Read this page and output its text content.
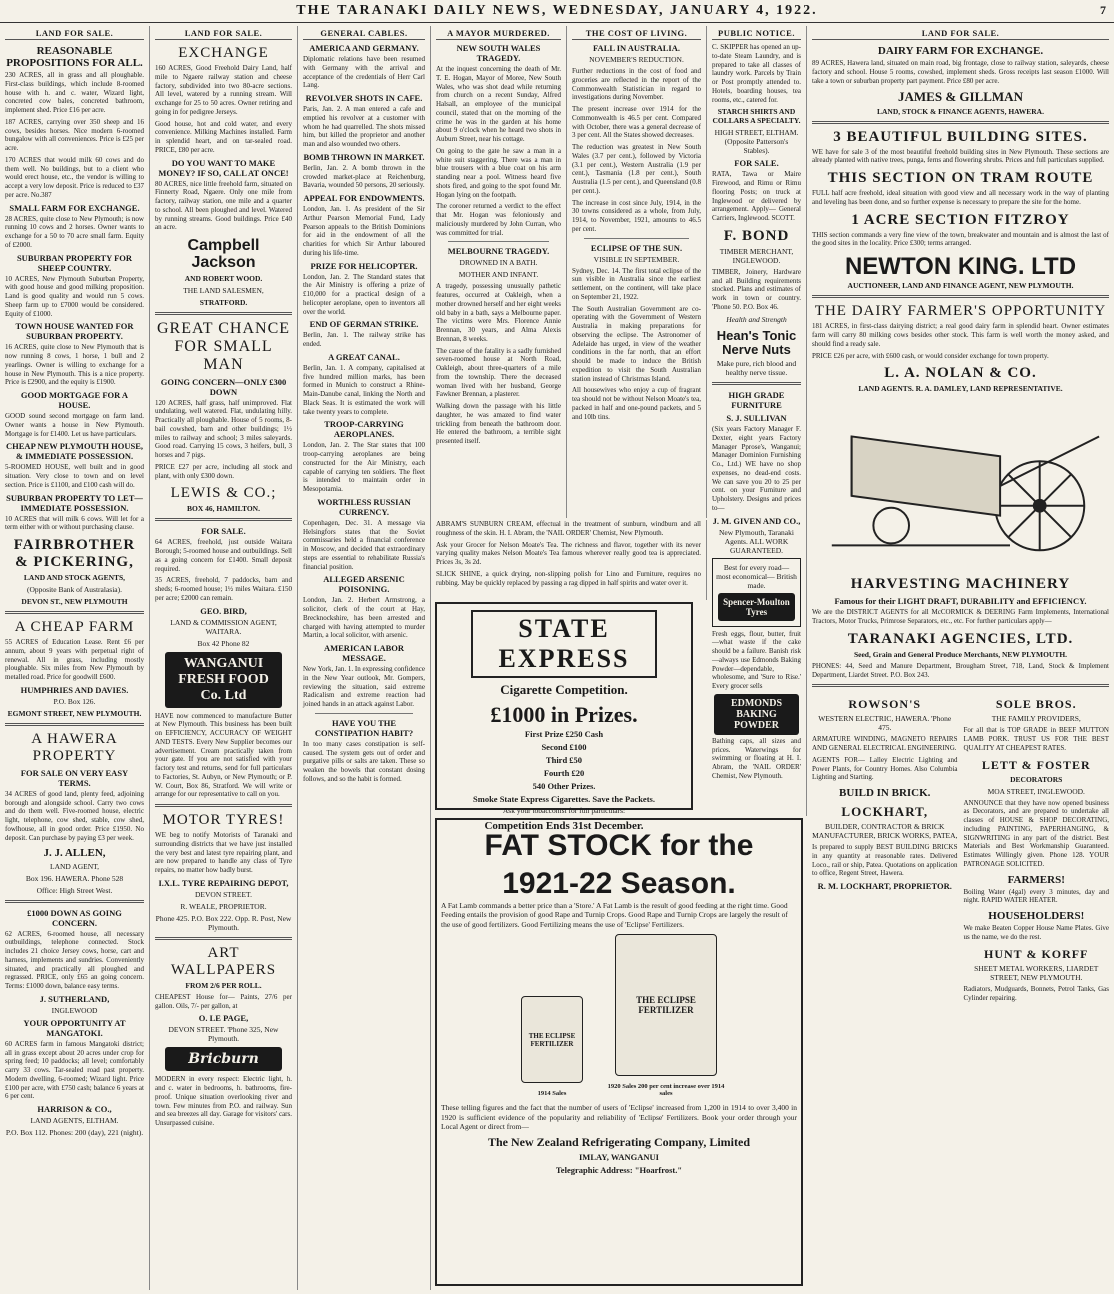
THE TARANAKI DAILY NEWS, WEDNESDAY, JANUARY 4, 1922.	7
LAND FOR SALE.
REASONABLE PROPOSITIONS FOR ALL.

230 ACRES, all in grass and all ploughable. First-class buildings, which include 8-roomed house with h. and c. water, Wizard light, concreted cow bales, concreted bathroom, implement shed. Price £16 per acre.

187 ACRES, carrying over 350 sheep and 16 cows, besides horses. Nice modern 6-roomed bungalow with all conveniences. Price is £25 per acre.

170 ACRES that would milk 60 cows and do them well. No buildings, but to a client who would erect house, etc., the vendor is willing to accept a very low deposit. Price is reduced to £37 per acre. No.387

SMALL FARM FOR EXCHANGE.

28 ACRES, quite close to New Plymouth; is now running 10 cows and 2 horses. Owner wants to exchange for a 50 to 70 acre small farm. Equity of £2000.

SUBURBAN PROPERTY FOR SHEEP COUNTRY.

10 ACRES, New Plymouth Suburban Property, with good house and good milking proposition. Land is good quality and would run 5 cows. Sheep farm up to £7000 would be considered. Equity of £1000.

TOWN HOUSE WANTED FOR SUBURBAN PROPERTY.

16 ACRES, quite close to New Plymouth that is now running 8 cows, 1 horse, 1 bull and 2 yearlings. Owner is willing to exchange for a house in New Plymouth. This is a nice property. Price is £2900, and the equity is £1900.

GOOD MORTGAGE FOR A HOUSE.

GOOD sound second mortgage on farm land. Owner wants a house in New Plymouth. Mortgage is for £1400. Let us have particulars.

CHEAP NEW PLYMOUTH HOUSE, & IMMEDIATE POSSESSION.

5-ROOMED HOUSE, well built and in good situation. Very close to town and on level section. Price is £1100, and £100 cash will do.

SUBURBAN PROPERTY TO LET—IMMEDIATE POSSESSION.

10 ACRES that will milk 6 cows. Will let for a term either with or without purchasing clause.

FAIRBROTHER & PICKERING,
LAND AND STOCK AGENTS,
(Opposite Bank of Australasia).
DEVON ST., NEW PLYMOUTH
A CHEAP FARM

55 ACRES of Education Lease. Rent £6 per annum, about 9 years with perpetual right of renewal. All in grass, including mostly ploughable. Six miles from New Plymouth by metalled road. Price for goodwill £600.

HUMPHRIES AND DAVIES.
P.O. Box 126.
EGMONT STREET, NEW PLYMOUTH.
A HAWERA PROPERTY
FOR SALE ON VERY EASY TERMS.

34 ACRES of good land, plenty feed, adjoining borough and alongside school. Carry two cows and do them well. Five-roomed house, electric light, telephone, cow shed, stable, cow shed, fowlhouse, all in good order. Price £1950. No deposit. Can purchase by paying £3 per week.

J. J. ALLEN,
LAND AGENT,
Box 196. HAWERA. Phone 528
Office: High Street West.
£1000 DOWN AS GOING CONCERN.

62 ACRES, 6-roomed house, all necessary outbuildings, telephone connected. Stock includes 21 choice Jersey cows, horse, cart and harness, implements and sundries. Conveniently situated, and practically all ploughed and regrassed. PRICE, only £65 an going concern. Terms: £1000 down, balance easy terms.

J. SUTHERLAND,
INGLEWOOD
YOUR OPPORTUNITY AT MANGATOKI.

60 ACRES farm in famous Mangatoki district; all in grass except about 20 acres under crop for spring feed; 10 paddocks; all level; comfortably carry 33 cows. Tar-sealed road past property. Modern dwelling, 6-roomed; Wizard light. Price £100 per acre, with £750 cash; balance 6 years at 6 per cent.

HARRISON & CO.,
LAND AGENTS, ELTHAM.
P.O. Box 112. Phones: 200 (day), 221 (night).
LAND FOR SALE.
EXCHANGE

160 ACRES, Good Freehold Dairy Land, half mile to Ngaere railway station and cheese factory, subdivided into two 80-acre sections. All level, watered by a running stream. Will exchange for 25 to 50 acres. Owner retiring and going in for pedigree Jerseys.

Good house, hot and cold water, and every convenience. Milking Machines installed. Farm in splendid heart, and on tar-sealed road. PRICE, £80 per acre.

DO YOU WANT TO MAKE MONEY? IF SO, CALL AT ONCE!

80 ACRES, nice little freehold farm, situated on Finnerty Road, Ngaere. Only one mile from factory, railway station, one mile and a quarter to school. All been ploughed and level. Watered by running streams. Good buildings. Price £40 an acre.

Campbell Jackson
AND ROBERT WOOD.
THE LAND SALESMEN,
STRATFORD.
GREAT CHANCE FOR SMALL MAN
GOING CONCERN—ONLY £300 DOWN

120 ACRES, half grass, half unimproved. Flat undulating, well watered. Flat, undulating hilly. Practically all ploughable. House of 5 rooms, 8-bail cowshed, barn and other buildings; 1½ miles to railway and school; 3 miles saleyards. Good road. Carrying 15 cows, 3 heifers, bull, 3 horses and 7 pigs.

PRICE £27 per acre, including all stock and plant, with only £300 down.

LEWIS & CO.;
BOX 46, HAMILTON.
FOR SALE.

64 ACRES, freehold, just outside Waitara Borough; 5-roomed house and outbuildings. Sell as a going concern for £1400. Small deposit required.

35 ACRES, freehold, 7 paddocks, barn and sheds; 6-roomed house; 1½ miles Waitara. £150 per acre; £2000 can remain.

GEO. BIRD,
LAND & COMMISSION AGENT, WAITARA.
Box 42 Phone 82
WANGANUI FRESH FOOD Co. Ltd

HAVE now commenced to manufacture Butter at New Plymouth. This business has been built on EFFICIENCY, ACCURACY OF WEIGHT AND TESTS. Every New Supplier becomes our advertisement. Cream practically taken from your gate. If you are not satisfied with your factory test and returns, send for full particulars to Factories, St. Aubyn, or New Plymouth; or P. W. Court, Box 86, Stratford. We will write or arrange for our representative to call on you.

MOTOR TYRES!

WE beg to notify Motorists of Taranaki and surrounding districts that we have just installed the very best and latest tyre repairing plant, and are now prepared to handle any class of Tyre repairs, no matter how badly burst.

I.X.L. TYRE REPAIRING DEPOT,
DEVON STREET.
R. WEALE, PROPRIETOR.
Phone 425. P.O. Box 222. Opp. R. Post, New Plymouth.
ART WALLPAPERS
FROM 2/6 PER ROLL.

CHEAPEST House for— Paints, 27/6 per gallon. Oils, 7/- per gallon, at

O. LE PAGE,
DEVON STREET. 'Phone 325, New Plymouth.
Bricburn

MODERN in every respect: Electric light, h. and c. water in bedrooms, h. bathrooms, fire-proof. Unique situation overlooking river and town. Few minutes from P.O. and railway. Sun and sea breezes all day. Garage for visitors' cars. Unsurpassed cuisine.

GENERAL CABLES.
AMERICA AND GERMANY.

Diplomatic relations have been resumed with Germany with the arrival and acceptance of the credentials of Herr Carl Lang.

REVOLVER SHOTS IN CAFE.

Paris, Jan. 2. A man entered a cafe and emptied his revolver at a customer with whom he had quarrelled. The shots missed him, but killed the proprietor and another man and also wounded two others.

BOMB THROWN IN MARKET.

Berlin, Jan. 2. A bomb thrown in the crowded market-place at Reichenburg, Bavaria, wounded 50 persons, 20 seriously.

APPEAL FOR ENDOWMENTS.

London, Jan. 1. As president of the Sir Arthur Pearson Memorial Fund, Lady Pearson appeals to the British Dominions for aid in the endowment of all the charities for which Sir Arthur laboured during his life-time.

PRIZE FOR HELICOPTER.

London, Jan. 2. The Standard states that the Air Ministry is offering a prize of £10,000 for a practical design of a helicopter aeroplane, open to inventors all over the world.

END OF GERMAN STRIKE.

Berlin, Jan. 1. The railway strike has ended.

A GREAT CANAL.

Berlin, Jan. 1. A company, capitalised at five hundred million marks, has been formed in Munich to construct a Rhine-Main-Danube canal, linking the North and Black Seas. It is estimated the work will take twenty years to complete.

TROOP-CARRYING AEROPLANES.

London, Jan. 2. The Star states that 100 troop-carrying aeroplanes are being constructed for the Air Ministry, each capable of carrying ten soldiers. The fleet is intended to maintain order in Mesopotamia.

WORTHLESS RUSSIAN CURRENCY.

Copenhagen, Dec. 31. A message via Helsingfors states that the Soviet commissaries held a financial conference in Moscow, and decided that extraordinary steps are essential to rehabilitate Russia's financial position.

ALLEGED ARSENIC POISONING.

London, Jan. 2. Herbert Armstrong, a solicitor, clerk of the court at Hay, Brecknockshire, has been arrested and charged with having attempted to murder Martin, a local solicitor, with arsenic.

AMERICAN LABOR MESSAGE.

New York, Jan. 1. In expressing confidence in the New Year outlook, Mr. Gompers, reviewing the situation, said extreme Radicalism and extreme reaction had joined hands in an attack against Labor.

HAVE YOU THE CONSTIPATION HABIT?

In too many cases constipation is self-caused. The system gets out of order and purgative pills or salts are taken. These so weaken the bowels that constant dosing follows, and so the habit is formed.

A MAYOR MURDERED.
NEW SOUTH WALES TRAGEDY.

At the inquest concerning the death of Mr. T. E. Hogan, Mayor of Moree, New South Wales, who was shot dead while returning from church on a recent Sunday, Alfred Halsall, an employee of the municipal council, stated that on the morning of the crime he was in the garden at his home about 9 o'clock when he heard two shots in Auburn Street, near his cottage.

On going to the gate he saw a man in a white suit staggering. There was a man in blue trousers with a blue coat on his arm standing near a pool. Witness heard five shots fired, and going to the spot found Mr. Hogan lying on the footpath.

The coroner returned a verdict to the effect that Mr. Hogan was feloniously and maliciously murdered by John Curran, who was committed for trial.

MELBOURNE TRAGEDY.
DROWNED IN A BATH.
MOTHER AND INFANT.

A tragedy, possessing unusually pathetic features, occurred at Oakleigh, when a mother drowned herself and her eight weeks old baby in a bath, says a Melbourne paper. The victims were Mrs. Florence Annie Brennan, 30 years, and Alma Alexis Brennan, 8 weeks.

The cause of the fatality is a sadly furnished seven-roomed house at North Road, Oakleigh, about three-quarters of a mile from the township. There the deceased woman lived with her husband, George Fawkner Brennan, a plasterer.

Walking down the passage with his little daughter, he was amazed to find water trickling from beneath the bathroom door. He entered the bathroom, a terrible sight presented itself.

THE COST OF LIVING.
FALL IN AUSTRALIA.
NOVEMBER'S REDUCTION.

Further reductions in the cost of food and groceries are reflected in the report of the Commonwealth Statistician in regard to investigations during November.

The present increase over 1914 for the Commonwealth is 46.5 per cent. Compared with October, there was a general decrease of 3 per cent. All the States showed decreases.

The reduction was greatest in New South Wales (3.7 per cent.), followed by Victoria (3.1 per cent.), Western Australia (1.9 per cent.), Tasmania (1.8 per cent.), South Australia (1.5 per cent.), and Queensland (0.8 per cent.).

The increase in cost since July, 1914, in the 30 towns considered as a whole, from July, 1914, to November, 1921, amounts to 46.5 per cent.

ECLIPSE OF THE SUN.
VISIBLE IN SEPTEMBER.

Sydney, Dec. 14. The first total eclipse of the sun visible in Australia since the earliest settlement, on the continent, will take place on September 21, 1922.

The South Australian Government are co-operating with the Government of Western Australia in making preparations for observing the eclipse. The Astronomer of Adelaide has urged, in view of the weather conditions in the far north, that an effort should be made to induce the British expedition to visit the South Australian station instead of Christmas Island.

All housewives who enjoy a cup of fragrant tea should not be without Nelson Moate's tea, packed in half and one-pound packets, and 5 and 10lb tins.

ABRAM'S SUNBURN CREAM, effectual in the treatment of sunburn, windburn and all roughness of the skin. H. I. Abram, the 'NAIL ORDER' Chemist, New Plymouth.

Ask your Grocer for Nelson Moate's Tea. The richness and flavor, together with its never varying quality makes Nelson Moate's Tea famous wherever really good tea is appreciated. Prices 3s, 3s 2d.

SLICK SHINE, a quick drying, non-slipping polish for Lino and Furniture, requires no rubbing. May be quickly replaced by passing a rag dipped in half spirits and water over it.

STATE EXPRESS
Cigarette Competition.
£1000 in Prizes.
First Prize £250 Cash
Second £100
Third £50
Fourth £20
540 Other Prizes.
Smoke State Express Cigarettes. Save the Packets.
Ask your tobacconist for full particulars:
Competition Ends 31st December.
FAT STOCK for the
1921-22 Season.

A Fat Lamb commands a better price than a 'Store.' A Fat Lamb is the result of good feeding at the right time. Good Feeding entails the provision of good Rape and Turnip Crops. Good Rape and Turnip Crops are largely the result of the use of good fertilizers. Good Fertilizing means the use of 'Eclipse' Fertilizers.

THE ECLIPSE FERTILIZER
1914 Sales

THE ECLIPSE FERTILIZER
1920 Sales 200 per cent increase over 1914 sales

These telling figures and the fact that the number of users of 'Eclipse' increased from 1,200 in 1914 to over 3,400 in 1920 is sufficient evidence of the popularity and reliability of 'Eclipse' Fertilizers. Book your order through your Local Agent or direct from—

The New Zealand Refrigerating Company, Limited
IMLAY, WANGANUI
Telegraphic Address: "Hoarfrost."
PUBLIC NOTICE.

C. SKIPPER has opened an up-to-date Steam Laundry, and is prepared to take all classes of laundry work. Parcels by Train or Post promptly attended to. Hotels, boarding houses, tea rooms, etc., catered for.

STARCH SHIRTS AND COLLARS A SPECIALTY.
HIGH STREET, ELTHAM. (Opposite Patterson's Stables).
FOR SALE.

RATA, Tawa or Maire Firewood, and Rimu or Rimu flooring Posts; on truck at Inglewood or delivered by arrangement. Apply— General Carriers, Inglewood. SCOTT.

F. BOND
TIMBER MERCHANT, INGLEWOOD.

TIMBER, Joinery, Hardware and all Building requirements stocked. Plans and estimates of work in town or country. 'Phone 50. P.O. Box 46.

Health and Strength
Hean's Tonic Nerve Nuts
Make pure, rich blood and healthy nerve tissue.
HIGH GRADE FURNITURE
S. J. SULLIVAN

(Six years Factory Manager F. Dexter, eight years Factory Manager Pprose's, Wanganui; Manager Dominion Furnishing Co., Ltd.) WE have no shop expenses, no dead-end costs. We can save you 20 to 25 per cent. on your Furniture and Upholstery. Designs and prices to—

J. M. GIVEN AND CO.,
New Plymouth, Taranaki Agents. ALL WORK GUARANTEED.
Best for every road— most economical— British made.
Spencer-Moulton Tyres

Fresh eggs, flour, butter, fruit—what waste if the cake should be a failure. Banish risk—always use Edmonds Baking Powder—dependable, wholesome, and 'Sure to Rise.' Every grocer sells

EDMONDS BAKING POWDER

Bathing caps, all sizes and prices. Waterwings for swimming or floating at H. I. Abram, the 'NAIL ORDER' Chemist, New Plymouth.

LAND FOR SALE.
DAIRY FARM FOR EXCHANGE.

89 ACRES, Hawera land, situated on main road, big frontage, close to railway station, saleyards, cheese factory and school. House 5 rooms, cowshed, implement sheds. Gross receipts last season £1000. Will take a town or suburban property part payment. Price £80 per acre.

JAMES & GILLMAN
LAND, STOCK & FINANCE AGENTS, HAWERA.
3 BEAUTIFUL BUILDING SITES.

WE have for sale 3 of the most beautiful freehold building sites in New Plymouth. These sections are already planted with native trees, punga, ferns and flowering shrubs. Prices and full particulars supplied.

THIS SECTION ON TRAM ROUTE

FULL half acre freehold, ideal situation with good view and all necessary work in the way of planting and leveling has been done, and so further expense is necessary to prepare the site for the home.

1 ACRE SECTION FITZROY

THIS section commands a very fine view of the town, breakwater and mountain and is almost the last of the good sites in the locality. Price £300; terms arranged.

NEWTON KING. LTD
AUCTIONEER, LAND AND FINANCE AGENT, NEW PLYMOUTH.
THE DAIRY FARMER'S OPPORTUNITY

181 ACRES, in first-class dairying district; a real good dairy farm in splendid heart. Owner estimates farm will carry 80 milking cows besides other stock. This farm is well worth the money asked, and should find a ready sale.

PRICE £26 per acre, with £600 cash, or would consider exchange for town property.

L. A. NOLAN & CO.
LAND AGENTS. R. A. DAMLEY, LAND REPRESENTATIVE.
HARVESTING MACHINERY
Famous for their LIGHT DRAFT, DURABILITY and EFFICIENCY.

We are the DISTRICT AGENTS for all McCORMICK & DEERING Farm Implements, International Tractors, Motor Trucks, Primrose Separators, etc., etc. For further particulars apply—

TARANAKI AGENCIES, LTD.
Seed, Grain and General Produce Merchants, NEW PLYMOUTH.

PHONES: 44, Seed and Manure Department, Brougham Street, 718, Land, Stock & Implement Department, Liardet Street. P.O. Box 243.

ROWSON'S
WESTERN ELECTRIC, HAWERA. 'Phone 475.

ARMATURE WINDING, MAGNETO REPAIRS AND GENERAL ELECTRICAL ENGINEERING.

AGENTS FOR— Lalley Electric Lighting and Power Plants, for Country Homes. Also Columbia Lighting and Starting.

BUILD IN BRICK.
LOCKHART,
BUILDER, CONTRACTOR & BRICK MANUFACTURER, BRICK WORKS, PATEA,

Is prepared to supply BEST BUILDING BRICKS in any quantity at reasonable rates. Delivered Loco., rail or ship, Patea. Quotations on application to office, Regent Street, Hawera.

R. M. LOCKHART, PROPRIETOR.
SOLE BROS.
THE FAMILY PROVIDERS,

For all that is TOP GRADE in BEEF MUTTON LAMB PORK. TRUST US FOR THE BEST QUALITY AT CHEAPEST RATES.

LETT & FOSTER
DECORATORS
MOA STREET, INGLEWOOD.

ANNOUNCE that they have now opened business as Decorators, and are prepared to undertake all classes of HOUSE & SHOP DECORATING, including PAINTING, PAPERHANGING, & SIGNWRITING in any part of the district. Best Materials and Best Workmanship Guaranteed. Estimates Willingly given. Phone 128. YOUR PATRONAGE SOLICITED.

FARMERS!

Boiling Water (4gal) every 3 minutes, day and night. RAPID WATER HEATER.

HOUSEHOLDERS!

We make Beaten Copper House Name Plates. Give us the name, we do the rest.

HUNT & KORFF
SHEET METAL WORKERS, LIARDET STREET, NEW PLYMOUTH.

Radiators, Mudguards, Bonnets, Petrol Tanks, Gas Cylinder repairing.
